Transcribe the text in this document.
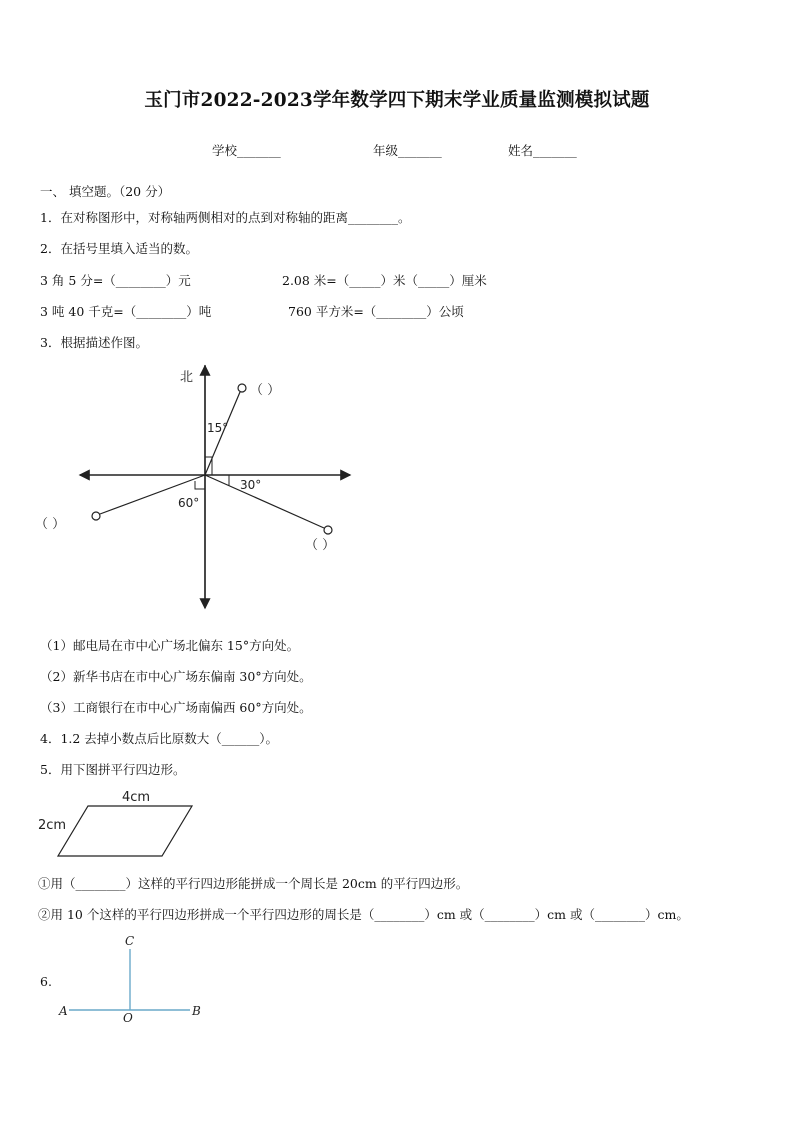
玉门市2022-2023学年数学四下期末学业质量监测模拟试题
学校_______	年级_______	姓名_______
一、 填空题。（20 分）
1．在对称图形中，对称轴两侧相对的点到对称轴的距离________。
2．在括号里填入适当的数。
3 角 5 分=（________）元	2.08 米=（_____）米（_____）厘米
3 吨 40 千克=（________）吨	760 平方米=（________）公顷
3．根据描述作图。
北
15°
30°
60°
（ ）
（ ）
（ ）
（1）邮电局在市中心广场北偏东 15°方向处。
（2）新华书店在市中心广场东偏南 30°方向处。
（3）工商银行在市中心广场南偏西 60°方向处。
4．1.2 去掉小数点后比原数大（______）。
5．用下图拼平行四边形。
4cm
2cm
①用（________）这样的平行四边形能拼成一个周长是 20cm 的平行四边形。
②用 10 个这样的平行四边形拼成一个平行四边形的周长是（________）cm 或（________）cm 或（________）cm。
6.
C
A	O	B
